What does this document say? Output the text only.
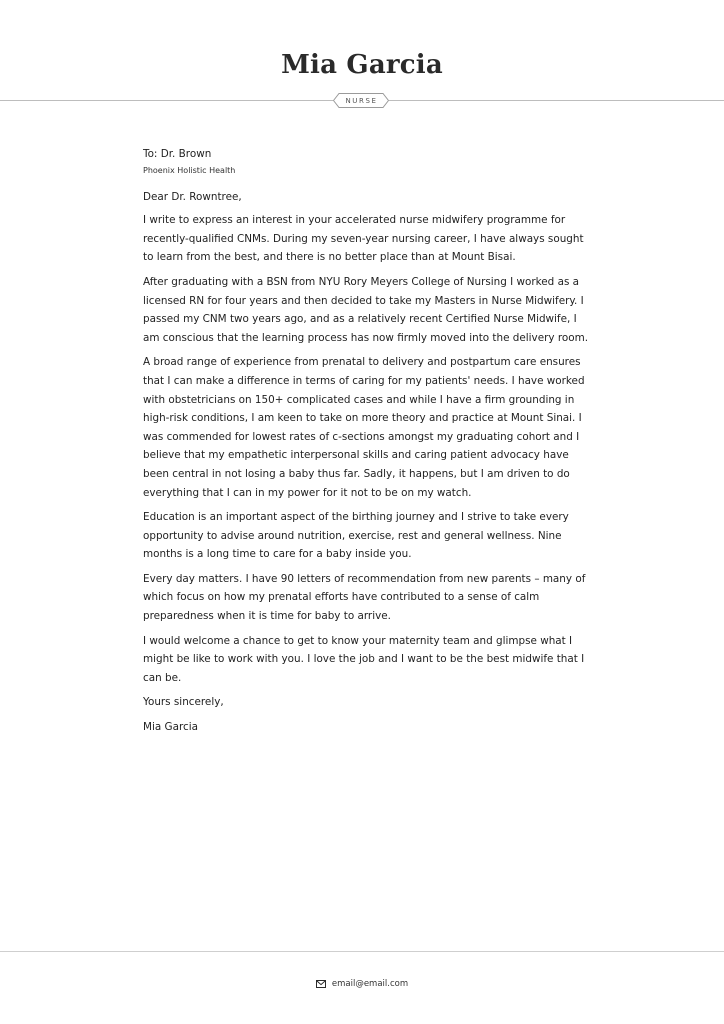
Mia Garcia
NURSE

To: Dr. Brown

Phoenix Holistic Health

Dear Dr. Rowntree,

I write to express an interest in your accelerated nurse midwifery programme for recently-qualified CNMs. During my seven-year nursing career, I have always sought to learn from the best, and there is no better place than at Mount Bisai.

After graduating with a BSN from NYU Rory Meyers College of Nursing I worked as a licensed RN for four years and then decided to take my Masters in Nurse Midwifery. I passed my CNM two years ago, and as a relatively recent Certified Nurse Midwife, I am conscious that the learning process has now firmly moved into the delivery room.

A broad range of experience from prenatal to delivery and postpartum care ensures that I can make a difference in terms of caring for my patients' needs. I have worked with obstetricians on 150+ complicated cases and while I have a firm grounding in high-risk conditions, I am keen to take on more theory and practice at Mount Sinai. I was commended for lowest rates of c-sections amongst my graduating cohort and I believe that my empathetic interpersonal skills and caring patient advocacy have been central in not losing a baby thus far. Sadly, it happens, but I am driven to do everything that I can in my power for it not to be on my watch.

Education is an important aspect of the birthing journey and I strive to take every opportunity to advise around nutrition, exercise, rest and general wellness. Nine months is a long time to care for a baby inside you.

Every day matters. I have 90 letters of recommendation from new parents – many of which focus on how my prenatal efforts have contributed to a sense of calm preparedness when it is time for baby to arrive.

I would welcome a chance to get to know your maternity team and glimpse what I might be like to work with you. I love the job and I want to be the best midwife that I can be.

Yours sincerely,

Mia Garcia

email@email.com
